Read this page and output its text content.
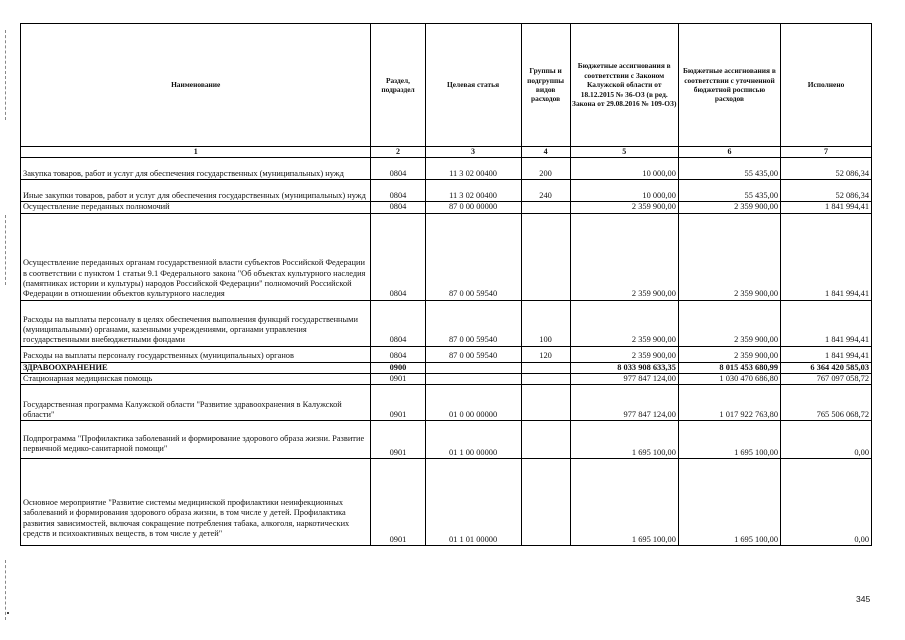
Наименование	Раздел, подраздел	Целевая статья	Группы и подгруппы видов расходов	Бюджетные ассигнования в соответствии с Законом Калужской области от 18.12.2015 № 36-ОЗ (в ред. Закона от 29.08.2016 № 109-ОЗ)	Бюджетные ассигнования в соответствии с уточненной бюджетной росписью расходов	Исполнено
1	2	3	4	5	6	7
Закупка товаров, работ и услуг для обеспечения государственных (муниципальных) нужд	0804	11 3 02 00400	200	10 000,00	55 435,00	52 086,34
Иные закупки товаров, работ и услуг для обеспечения государственных (муниципальных) нужд	0804	11 3 02 00400	240	10 000,00	55 435,00	52 086,34
Осуществление переданных полномочий	0804	87 0 00 00000		2 359 900,00	2 359 900,00	1 841 994,41
Осуществление переданных органам государственной власти субъектов Российской Федерации в соответствии с пунктом 1 статьи 9.1 Федерального закона "Об объектах культурного наследия (памятниках истории и культуры) народов Российской Федерации" полномочий Российской Федерации в отношении объектов культурного наследия	0804	87 0 00 59540		2 359 900,00	2 359 900,00	1 841 994,41
Расходы на выплаты персоналу в целях обеспечения выполнения функций государственными (муниципальными) органами, казенными учреждениями, органами управления государственными внебюджетными фондами	0804	87 0 00 59540	100	2 359 900,00	2 359 900,00	1 841 994,41
Расходы на выплаты персоналу государственных (муниципальных) органов	0804	87 0 00 59540	120	2 359 900,00	2 359 900,00	1 841 994,41
ЗДРАВООХРАНЕНИЕ	0900			8 033 908 633,35	8 015 453 680,99	6 364 420 585,03
Стационарная медицинская помощь	0901			977 847 124,00	1 030 470 686,80	767 097 058,72
Государственная программа Калужской области "Развитие здравоохранения в Калужской области"	0901	01 0 00 00000		977 847 124,00	1 017 922 763,80	765 506 068,72
Подпрограмма "Профилактика заболеваний и формирование здорового образа жизни. Развитие первичной медико-санитарной помощи"	0901	01 1 00 00000		1 695 100,00	1 695 100,00	0,00
Основное мероприятие "Развитие системы медицинской профилактики неинфекционных заболеваний и формирования здорового образа жизни, в том числе у детей. Профилактика развития зависимостей, включая сокращение потребления табака, алкоголя, наркотических средств и психоактивных веществ, в том числе у детей"	0901	01 1 01 00000		1 695 100,00	1 695 100,00	0,00
345
